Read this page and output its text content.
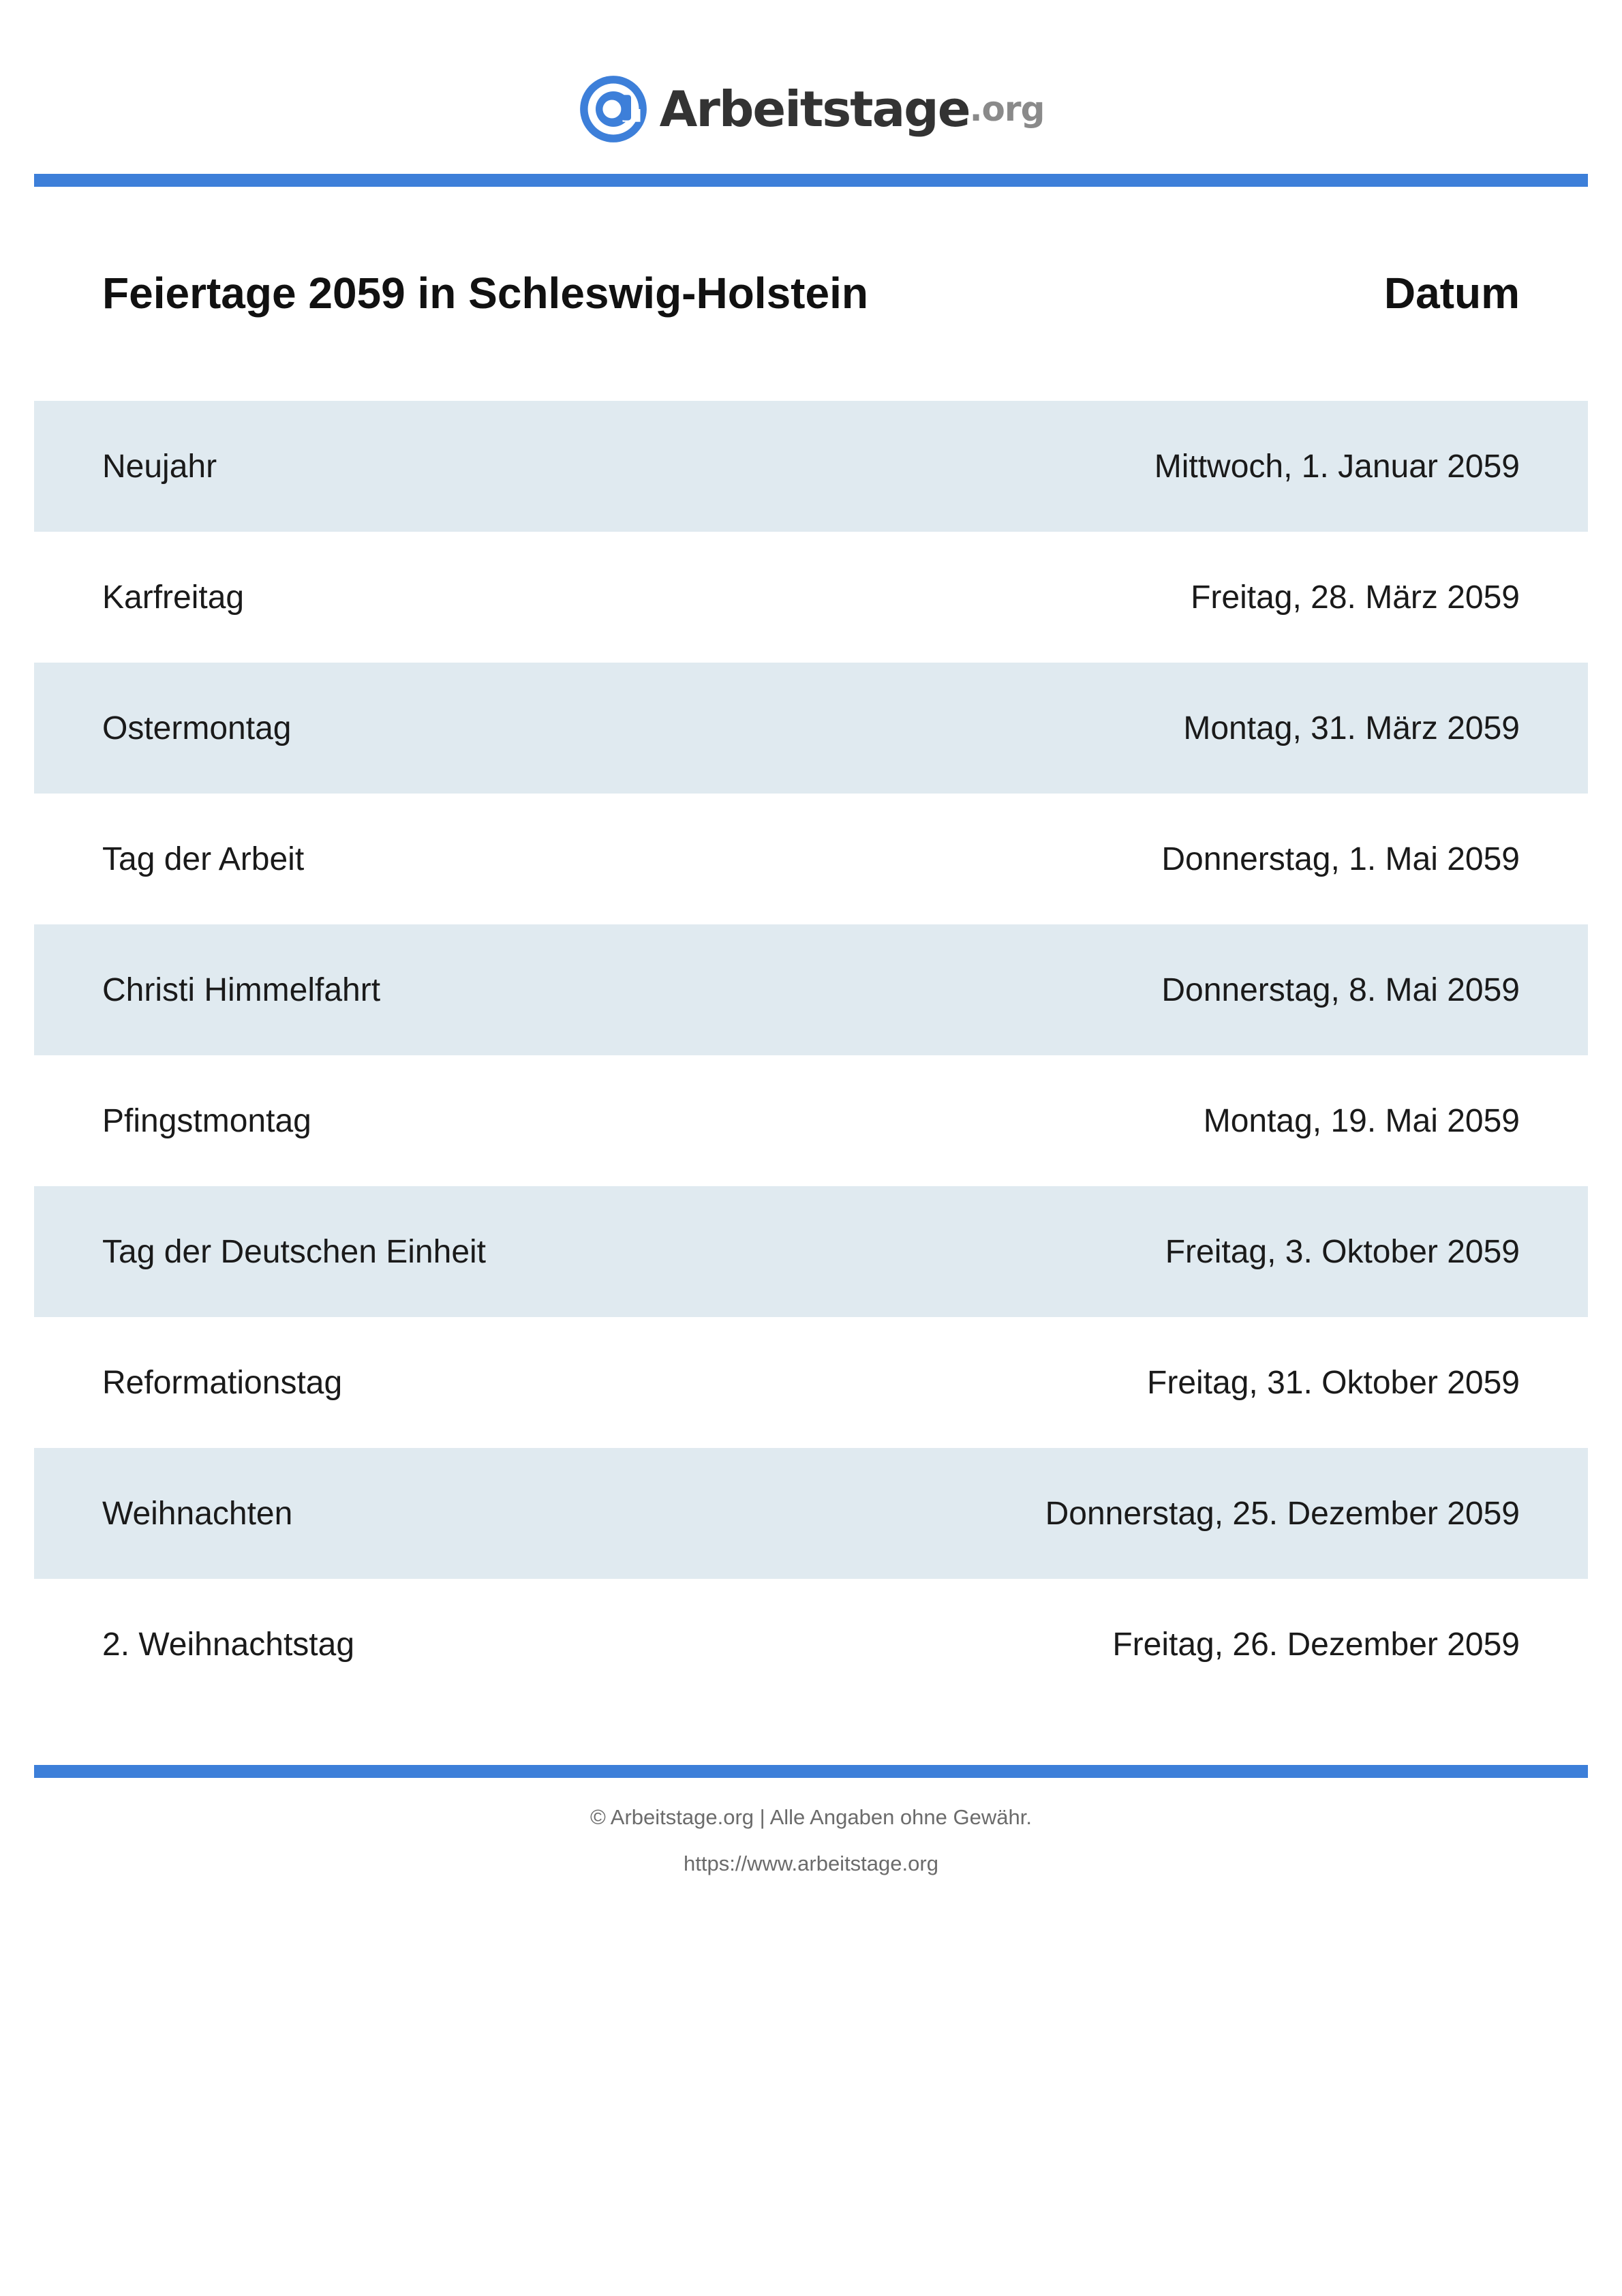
Arbeitstage .org
Feiertage 2059 in Schleswig-Holstein	Datum
Neujahr	Mittwoch, 1. Januar 2059
Karfreitag	Freitag, 28. März 2059
Ostermontag	Montag, 31. März 2059
Tag der Arbeit	Donnerstag, 1. Mai 2059
Christi Himmelfahrt	Donnerstag, 8. Mai 2059
Pfingstmontag	Montag, 19. Mai 2059
Tag der Deutschen Einheit	Freitag, 3. Oktober 2059
Reformationstag	Freitag, 31. Oktober 2059
Weihnachten	Donnerstag, 25. Dezember 2059
2. Weihnachtstag	Freitag, 26. Dezember 2059
© Arbeitstage.org | Alle Angaben ohne Gewähr.
https://www.arbeitstage.org
